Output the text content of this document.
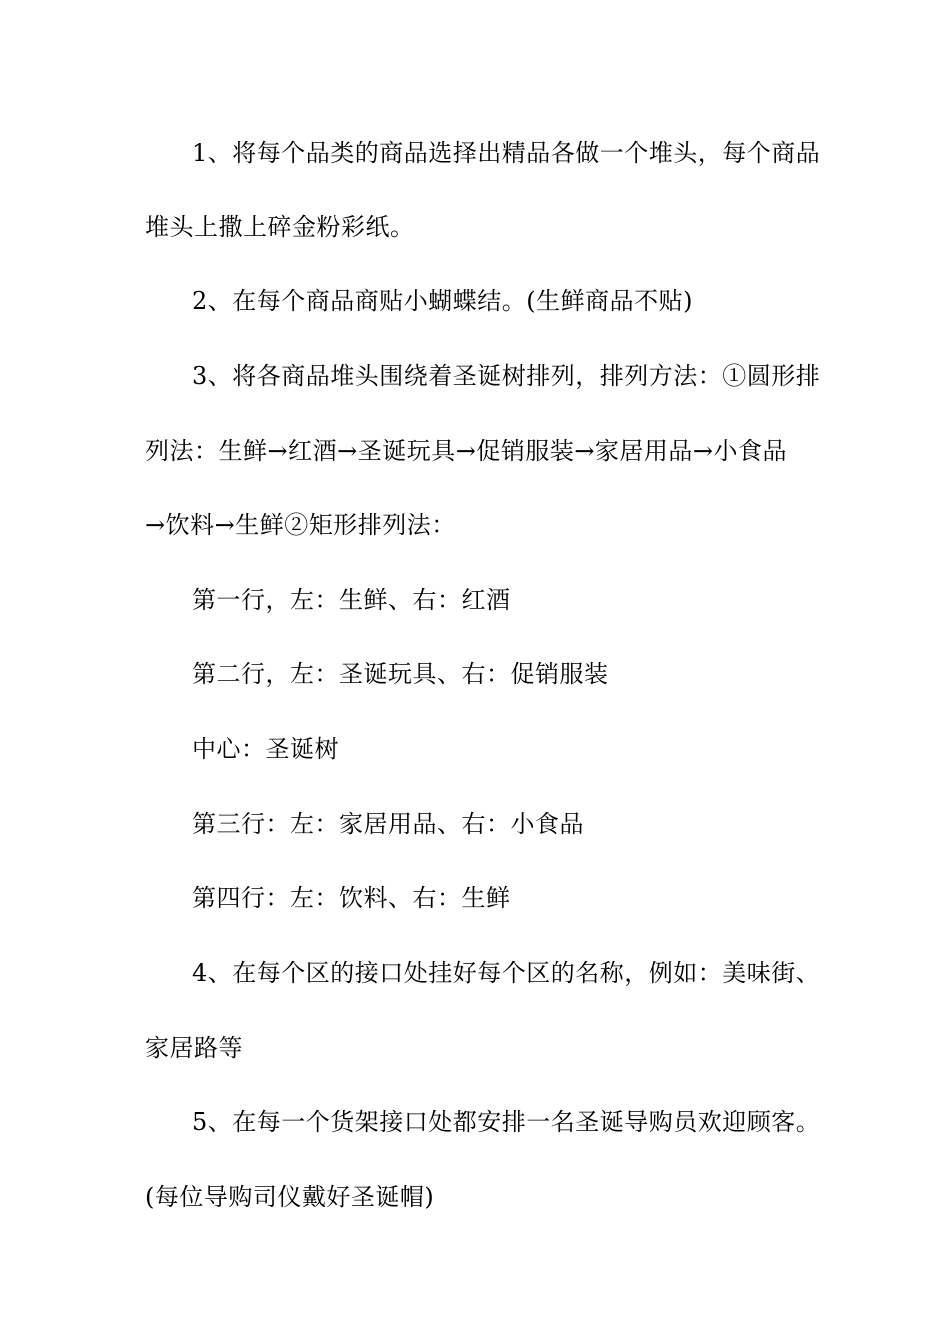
1、将每个品类的商品选择出精品各做一个堆头，每个商品
堆头上撒上碎金粉彩纸。
2、在每个商品商贴小蝴蝶结。(生鲜商品不贴)
3、将各商品堆头围绕着圣诞树排列，排列方法：①圆形排
列法：生鲜→红酒→圣诞玩具→促销服装→家居用品→小食品
→饮料→生鲜②矩形排列法：
第一行，左：生鲜、右：红酒
第二行，左：圣诞玩具、右：促销服装
中心：圣诞树
第三行：左：家居用品、右：小食品
第四行：左：饮料、右：生鲜
4、在每个区的接口处挂好每个区的名称，例如：美味街、
家居路等
5、在每一个货架接口处都安排一名圣诞导购员欢迎顾客。
(每位导购司仪戴好圣诞帽)
